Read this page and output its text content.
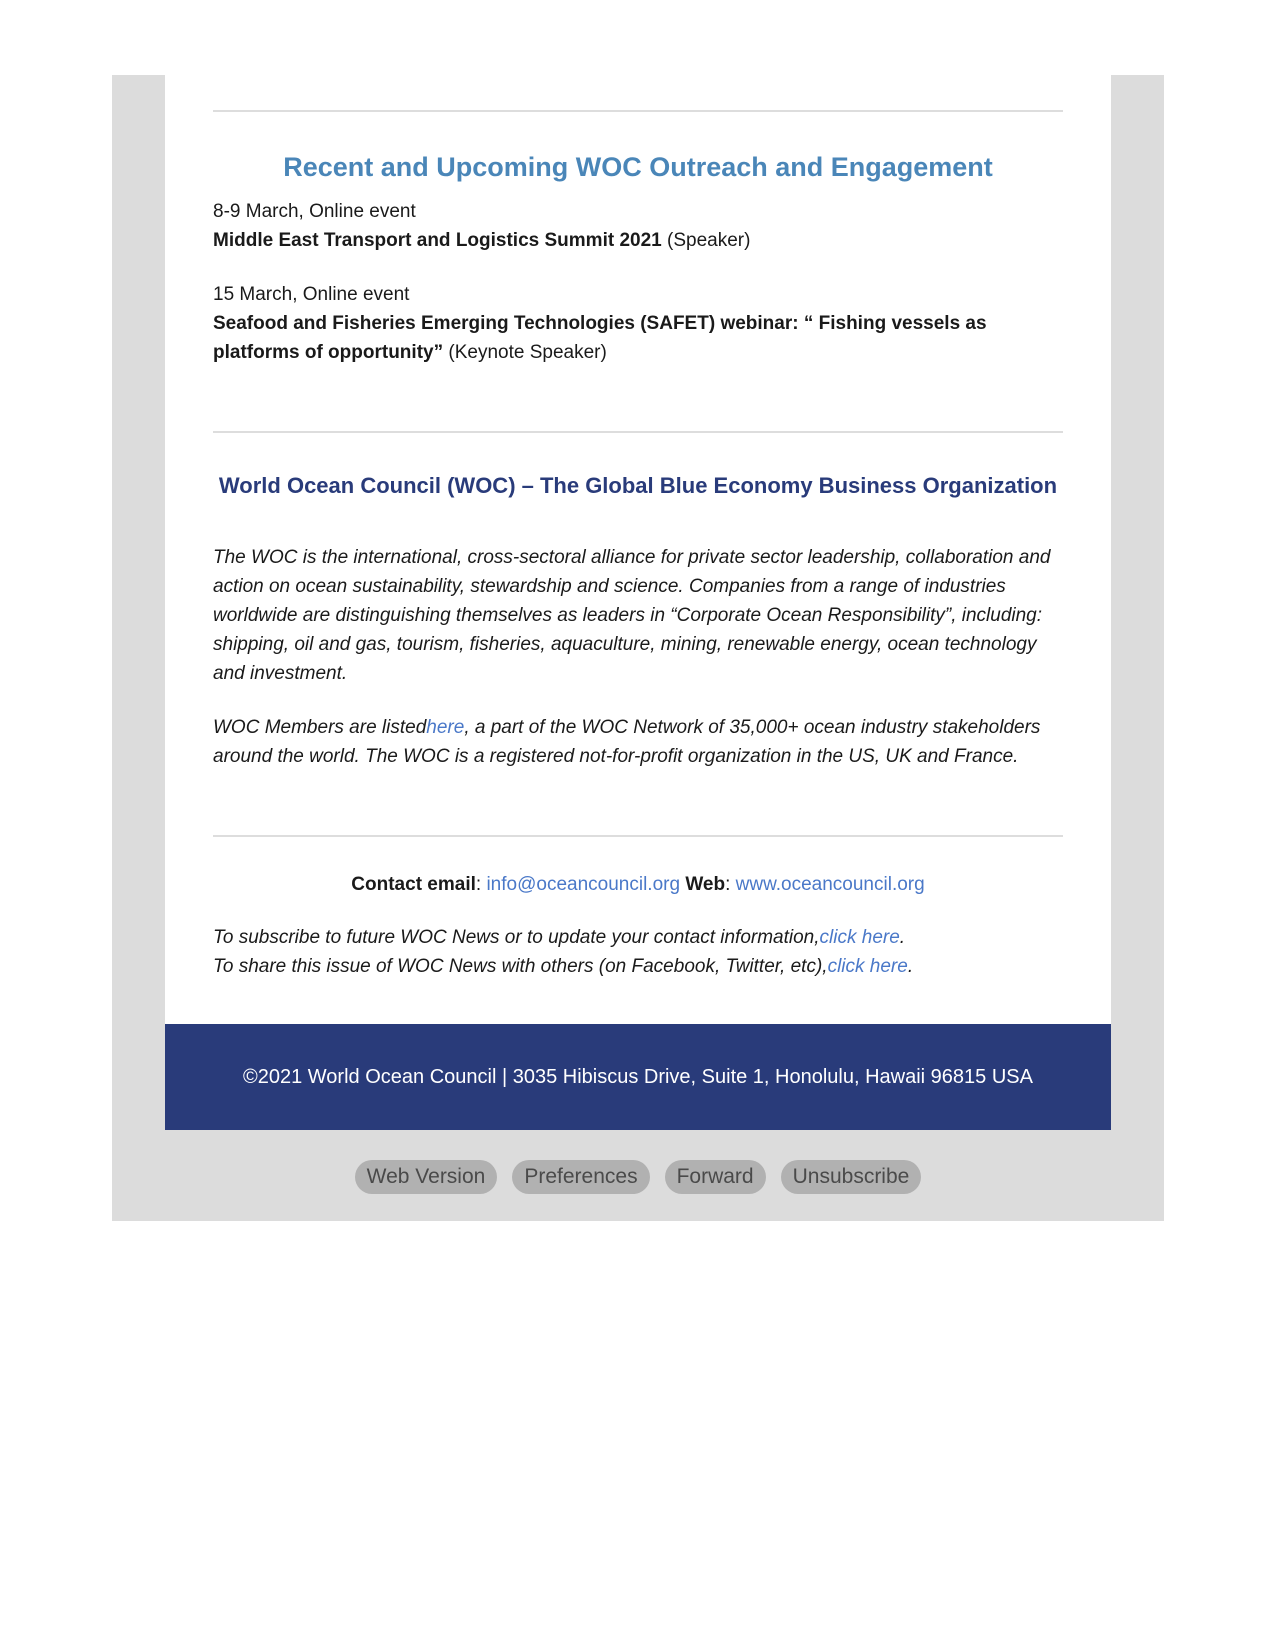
Recent and Upcoming WOC Outreach and Engagement
8-9 March, Online event
Middle East Transport and Logistics Summit 2021 (Speaker)
15 March, Online event
Seafood and Fisheries Emerging Technologies (SAFET) webinar: “ Fishing vessels as platforms of opportunity” (Keynote Speaker)
World Ocean Council (WOC) – The Global Blue Economy Business Organization
The WOC is the international, cross-sectoral alliance for private sector leadership, collaboration and action on ocean sustainability, stewardship and science. Companies from a range of industries worldwide are distinguishing themselves as leaders in “Corporate Ocean Responsibility”, including: shipping, oil and gas, tourism, fisheries, aquaculture, mining, renewable energy, ocean technology and investment.
WOC Members are listedhere, a part of the WOC Network of 35,000+ ocean industry stakeholders around the world. The WOC is a registered not-for-profit organization in the US, UK and France.
Contact email: info@oceancouncil.org Web: www.oceancouncil.org
To subscribe to future WOC News or to update your contact information,click here.
To share this issue of WOC News with others (on Facebook, Twitter, etc),click here.
©2021 World Ocean Council | 3035 Hibiscus Drive, Suite 1, Honolulu, Hawaii 96815 USA
Web Version	Preferences	Forward	Unsubscribe
